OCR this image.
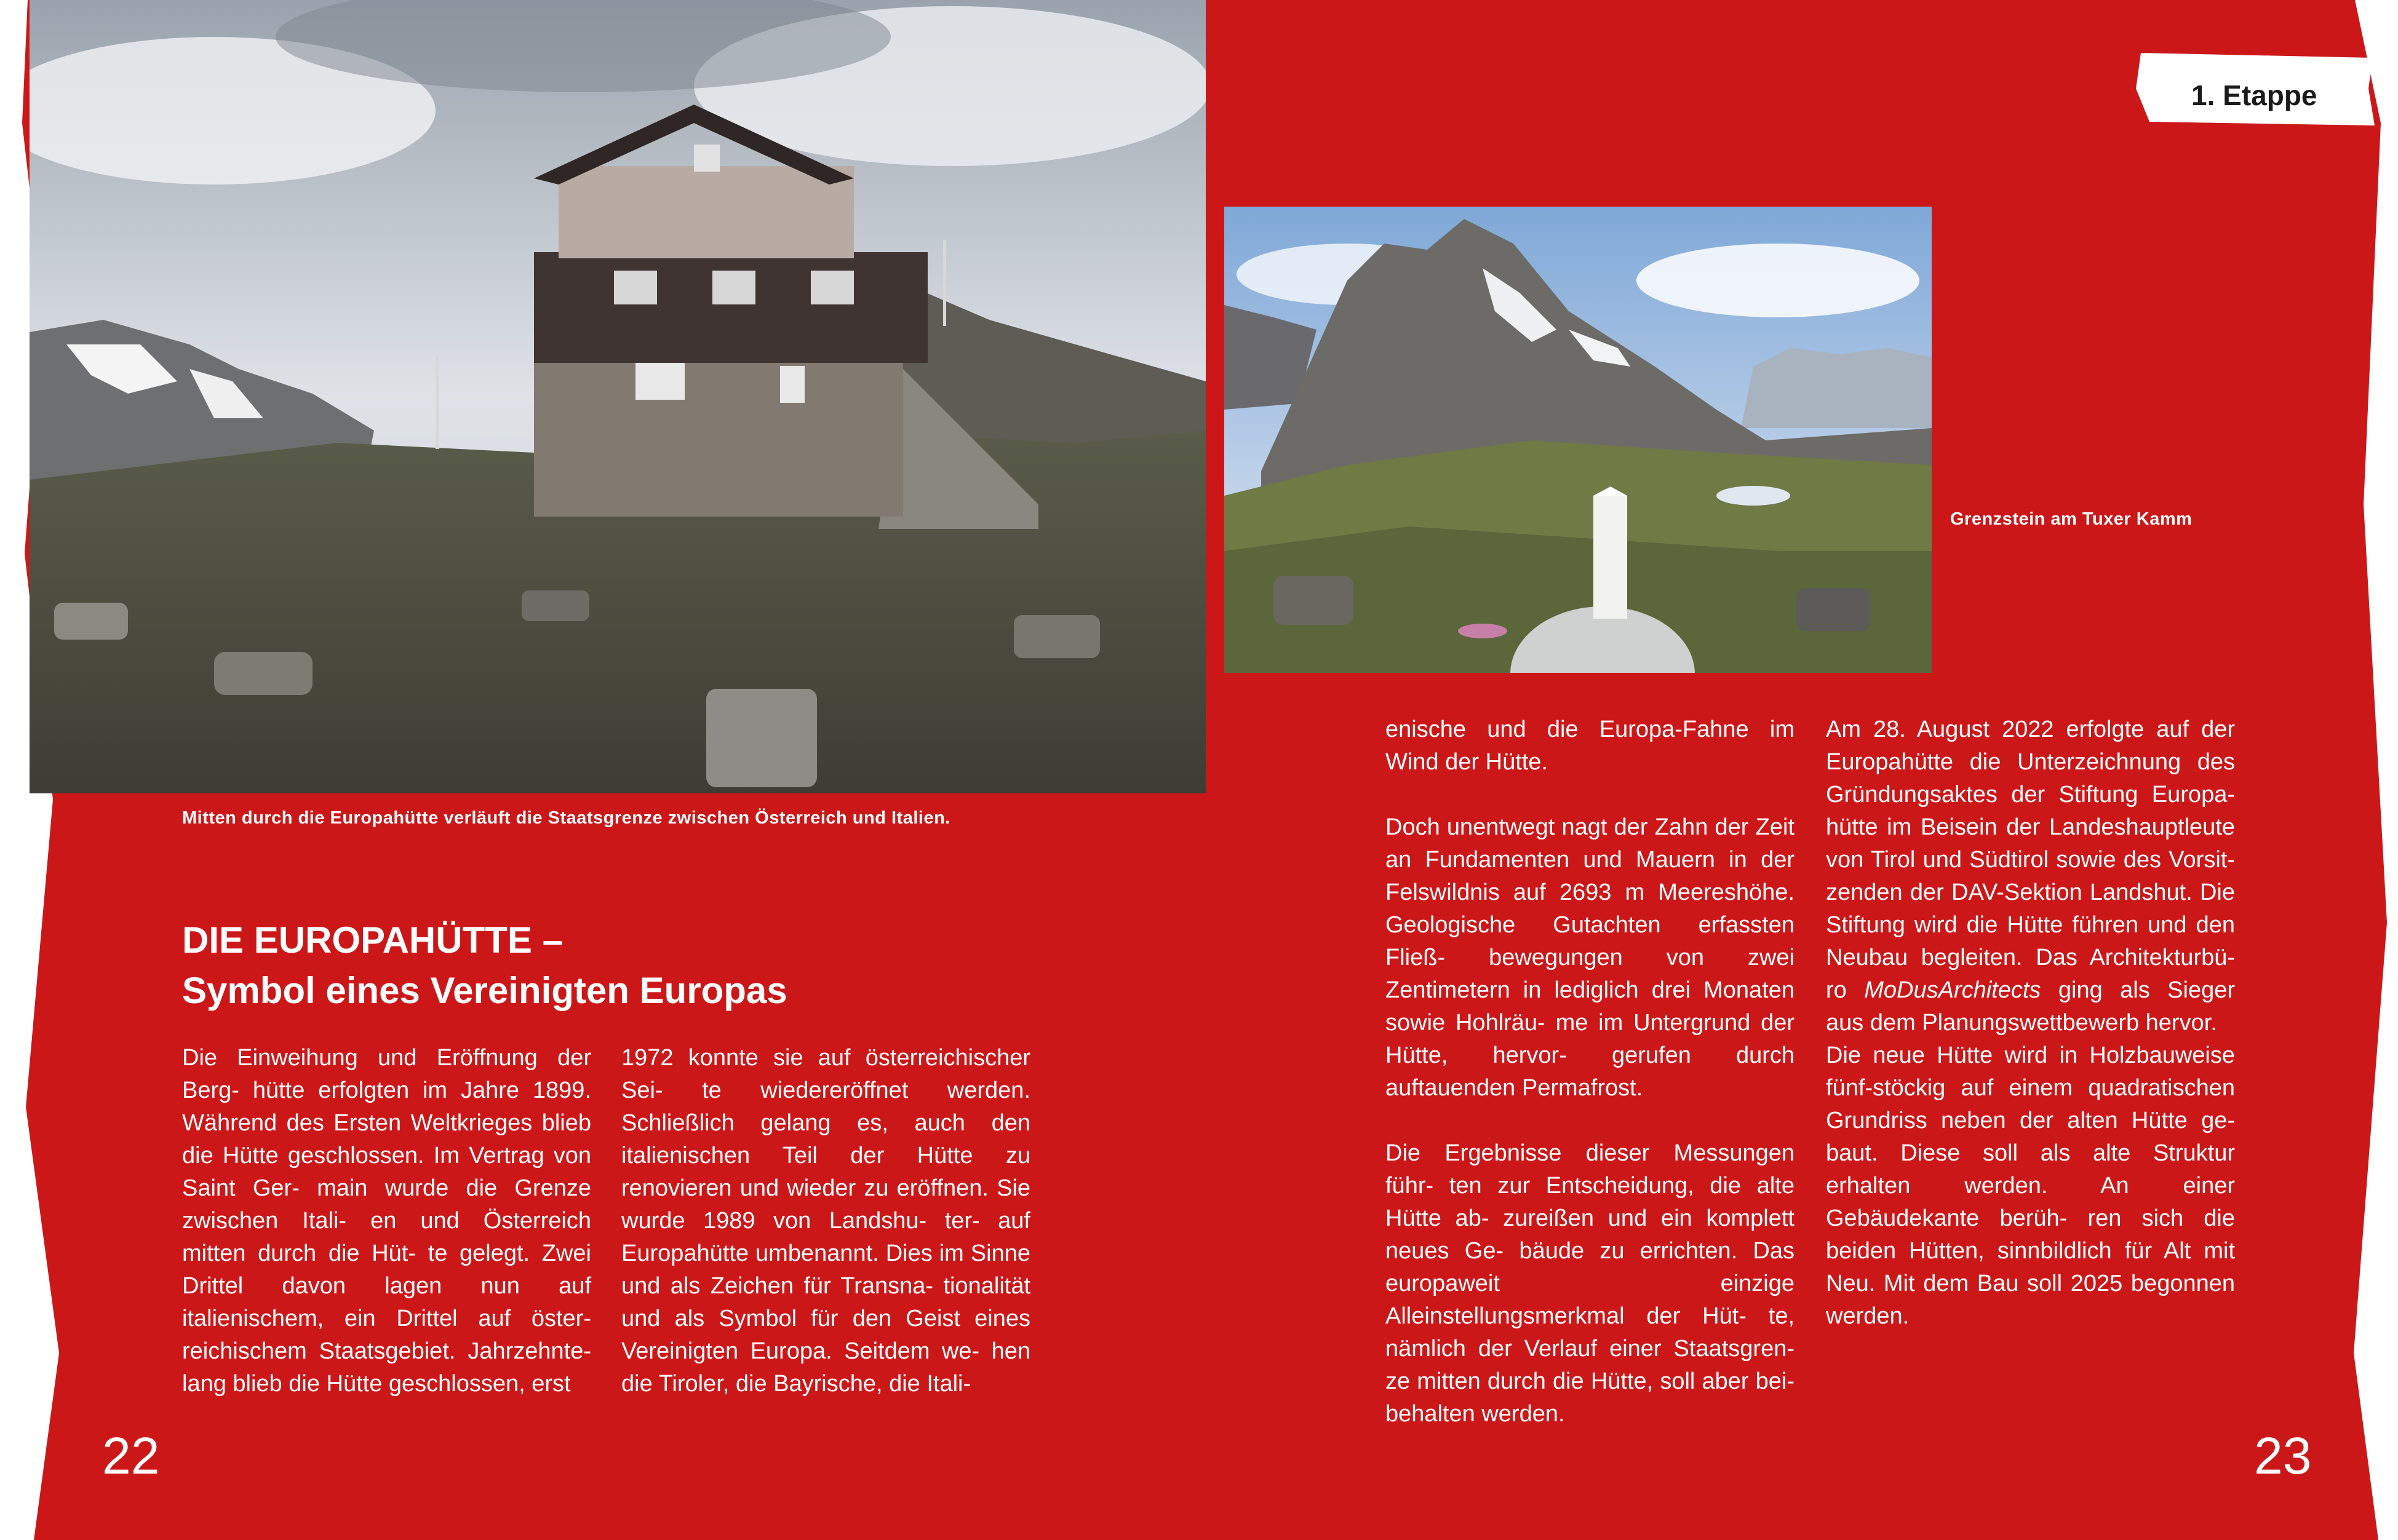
Mitten durch die Europahütte verläuft die Staatsgrenze zwischen Österreich und Italien.
Grenzstein am Tuxer Kamm
1. Etappe
DIE EUROPAHÜTTE –
Symbol eines Vereinigten Europas

Die Einweihung und Eröffnung der Berg- hütte erfolgten im Jahre 1899. Während des Ersten Weltkrieges blieb die Hütte geschlossen. Im Vertrag von Saint Ger- main wurde die Grenze zwischen Itali- en und Österreich mitten durch die Hüt- te gelegt. Zwei Drittel davon lagen nun auf italienischem, ein Drittel auf öster- reichischem Staatsgebiet. Jahrzehnte- lang blieb die Hütte geschlossen, erst

1972 konnte sie auf österreichischer Sei- te wiedereröffnet werden. Schließlich gelang es, auch den italienischen Teil der Hütte zu renovieren und wieder zu eröffnen. Sie wurde 1989 von Landshu- ter- auf Europahütte umbenannt. Dies im Sinne und als Zeichen für Transna- tionalität und als Symbol für den Geist eines Vereinigten Europa. Seitdem we- hen die Tiroler, die Bayrische, die Itali-

enische und die Europa-Fahne im Wind der Hütte.

Doch unentwegt nagt der Zahn der Zeit an Fundamenten und Mauern in der Felswildnis auf 2693 m Meereshöhe. Geologische Gutachten erfassten Fließ- bewegungen von zwei Zentimetern in lediglich drei Monaten sowie Hohlräu- me im Untergrund der Hütte, hervor- gerufen durch auftauenden Permafrost.

Die Ergebnisse dieser Messungen führ- ten zur Entscheidung, die alte Hütte ab- zureißen und ein komplett neues Ge- bäude zu errichten. Das europaweit	einzige Alleinstellungsmerkmal der Hüt- te, nämlich der Verlauf einer Staatsgren- ze mitten durch die Hütte, soll aber bei- behalten werden.

Am 28. August 2022 erfolgte auf der Europahütte die Unterzeichnung des Gründungsaktes der Stiftung Europa- hütte im Beisein der Landeshauptleute von Tirol und Südtirol sowie des Vorsit- zenden der DAV-Sektion Landshut. Die Stiftung wird die Hütte führen und den Neubau begleiten. Das Architekturbü- ro MoDusArchitects ging als Sieger aus dem Planungswettbewerb hervor.

Die neue Hütte wird in Holzbauweise fünf-stöckig auf einem quadratischen Grundriss neben der alten Hütte ge- baut. Diese soll als alte Struktur erhalten werden. An einer Gebäudekante berüh- ren sich die beiden Hütten, sinnbildlich für Alt mit Neu. Mit dem Bau soll 2025 begonnen werden.

22	23
